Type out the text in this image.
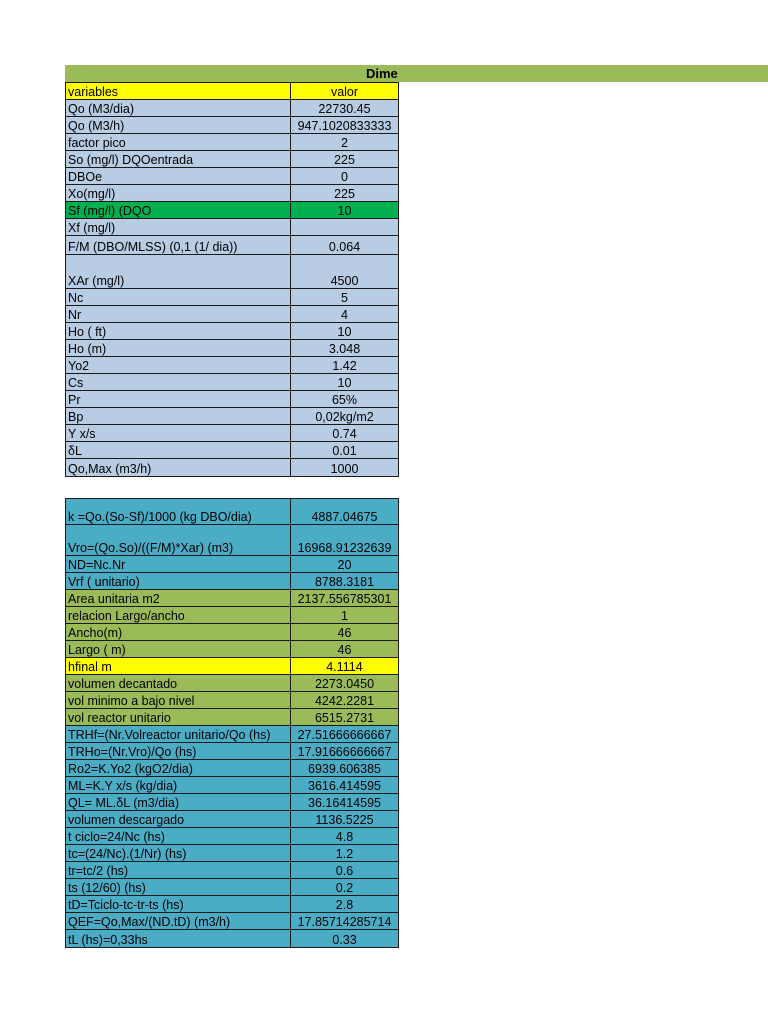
Dime
variables	valor
Qo (M3/dia)	22730.45
Qo (M3/h)	947.1020833333
factor pico	2
So (mg/l) DQOentrada	225
DBOe	0
Xo(mg/l)	225
Sf (mg/l) (DQO	10
Xf (mg/l)	
F/M (DBO/MLSS) (0,1 (1/ dia))	0.064
XAr (mg/l)	4500
Nc	5
Nr	4
Ho ( ft)	10
Ho (m)	3.048
Yo2	1.42
Cs	10
Pr	65%
Bp	0,02kg/m2
Y x/s	0.74
δL	0.01
Qo,Max (m3/h)	1000
k =Qo.(So-Sf)/1000 (kg DBO/dia)	4887.04675
Vro=(Qo.So)/((F/M)*Xar) (m3)	16968.91232639
ND=Nc.Nr	20
Vrf ( unitario)	8788.3181
Area unitaria m2	2137.556785301
relacion Largo/ancho	1
Ancho(m)	46
Largo ( m)	46
hfinal m	4.1114
volumen decantado	2273.0450
vol minimo a bajo nivel	4242.2281
vol reactor unitario	6515.2731
TRHf=(Nr.Volreactor unitario/Qo (hs)	27.51666666667
TRHo=(Nr.Vro)/Qo (hs)	17.91666666667
Ro2=K.Yo2 (kgO2/dia)	6939.606385
ML=K.Y x/s (kg/dia)	3616.414595
QL= ML.δL (m3/dia)	36.16414595
volumen descargado	1136.5225
t ciclo=24/Nc (hs)	4.8
tc=(24/Nc).(1/Nr) (hs)	1.2
tr=tc/2 (hs)	0.6
ts (12/60) (hs)	0.2
tD=Tciclo-tc-tr-ts (hs)	2.8
QEF=Qo,Max/(ND.tD) (m3/h)	17.85714285714
tL (hs)=0,33hs	0.33
